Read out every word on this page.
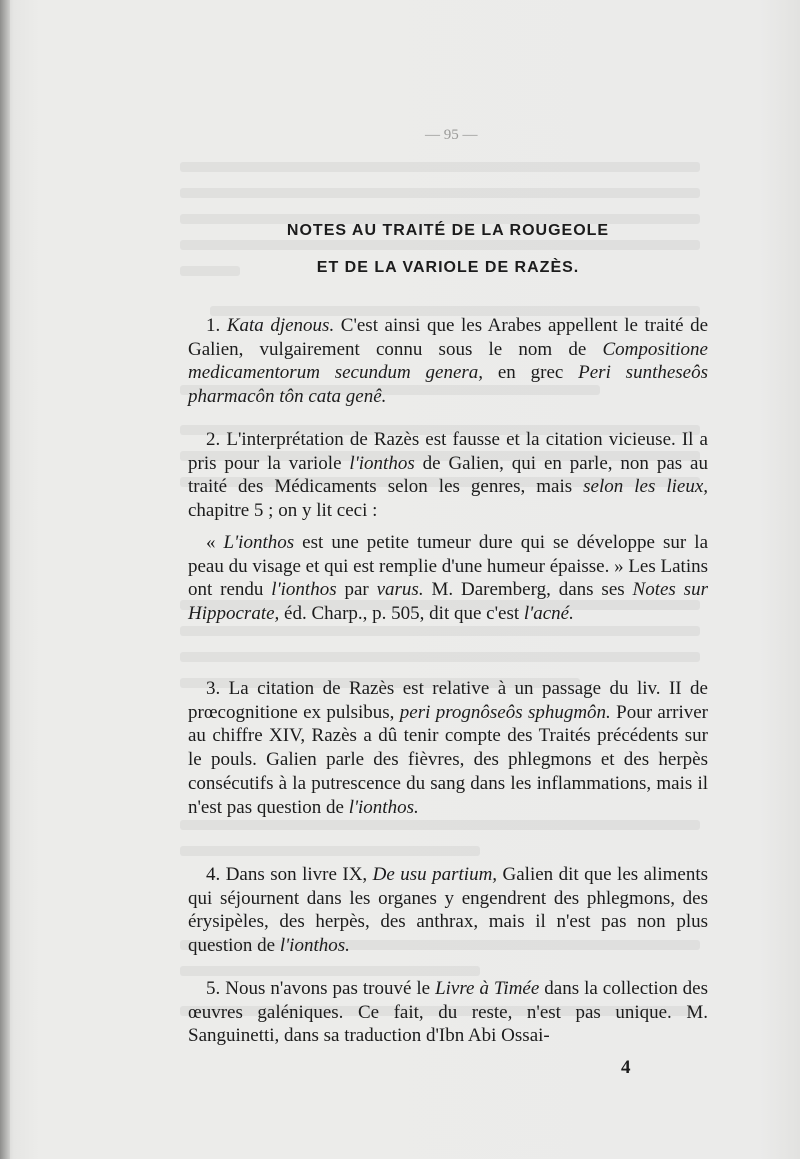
— 95 —
NOTES AU TRAITÉ DE LA ROUGEOLE
ET DE LA VARIOLE DE RAZÈS.

1. Kata djenous. C'est ainsi que les Arabes appellent le traité de Galien, vulgairement connu sous le nom de Compositione medicamentorum secundum genera, en grec Peri suntheseôs pharmacôn tôn cata genê.

2. L'interprétation de Razès est fausse et la citation vicieuse. Il a pris pour la variole l'ionthos de Galien, qui en parle, non pas au traité des Médicaments selon les genres, mais selon les lieux, chapitre 5 ; on y lit ceci :

« L'ionthos est une petite tumeur dure qui se développe sur la peau du visage et qui est remplie d'une humeur épaisse. » Les Latins ont rendu l'ionthos par varus. M. Daremberg, dans ses Notes sur Hippocrate, éd. Charp., p. 505, dit que c'est l'acné.

3. La citation de Razès est relative à un passage du liv. II de prœcognitione ex pulsibus, peri prognôseôs sphugmôn. Pour arriver au chiffre XIV, Razès a dû tenir compte des Traités précédents sur le pouls. Galien parle des fièvres, des phlegmons et des herpès consécutifs à la putrescence du sang dans les inflammations, mais il n'est pas question de l'ionthos.

4. Dans son livre IX, De usu partium, Galien dit que les aliments qui séjournent dans les organes y engendrent des phlegmons, des érysipèles, des herpès, des anthrax, mais il n'est pas non plus question de l'ionthos.

5. Nous n'avons pas trouvé le Livre à Timée dans la collection des œuvres galéniques. Ce fait, du reste, n'est pas unique. M. Sanguinetti, dans sa traduction d'Ibn Abi Ossai-

4
